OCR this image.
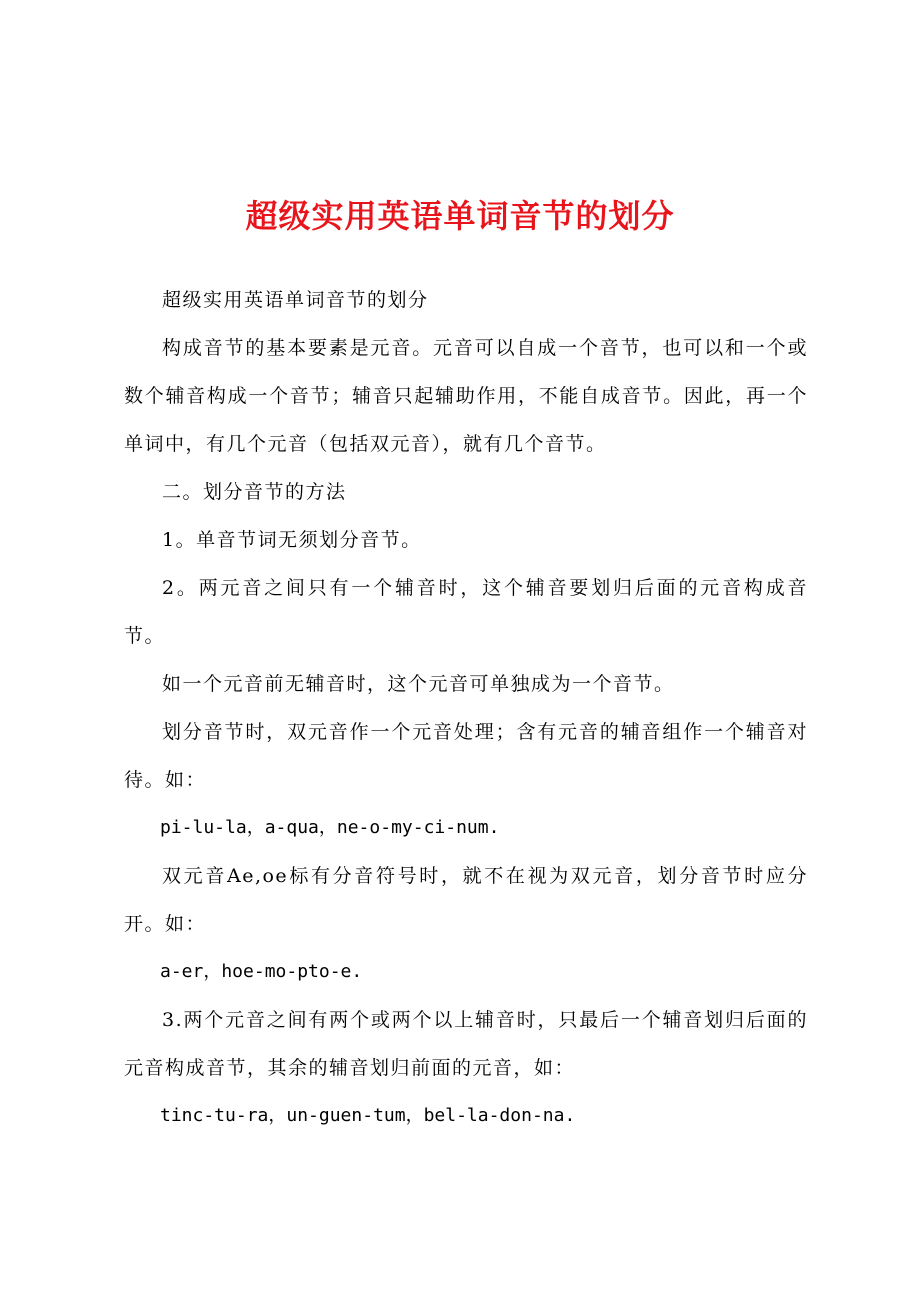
超级实用英语单词音节的划分

超级实用英语单词音节的划分

构成音节的基本要素是元音。元音可以自成一个音节，也可以和一个或数个辅音构成一个音节；辅音只起辅助作用，不能自成音节。因此，再一个单词中，有几个元音（包括双元音），就有几个音节。

二。划分音节的方法

1。单音节词无须划分音节。

2。两元音之间只有一个辅音时，这个辅音要划归后面的元音构成音节。

如一个元音前无辅音时，这个元音可单独成为一个音节。

划分音节时，双元音作一个元音处理；含有元音的辅音组作一个辅音对待。如：

pi-lu-la，a-qua，ne-o-my-ci-num.

双元音Ae,oe标有分音符号时，就不在视为双元音，划分音节时应分开。如：

a-er，hoe-mo-pto-e.

3.两个元音之间有两个或两个以上辅音时，只最后一个辅音划归后面的元音构成音节，其余的辅音划归前面的元音，如：

tinc-tu-ra，un-guen-tum，bel-la-don-na.
